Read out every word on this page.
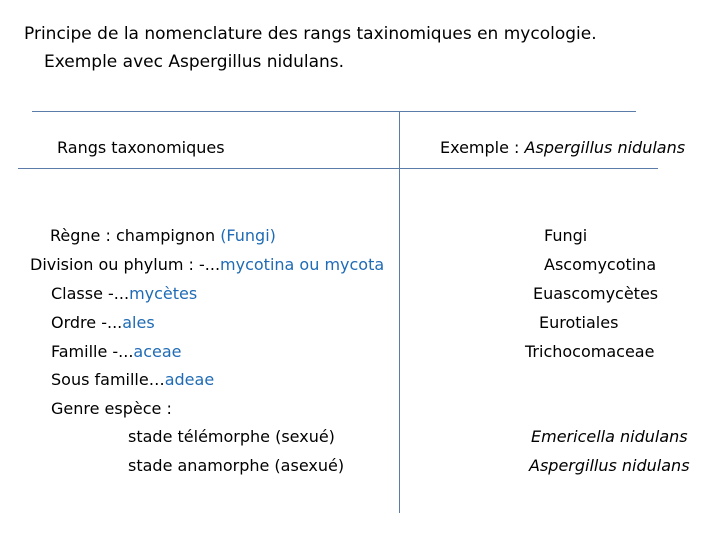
Principe de la nomenclature des rangs taxinomiques en mycologie.
Exemple avec Aspergillus nidulans.
Rangs taxonomiques	Exemple : Aspergillus nidulans
Règne : champignon (Fungi)
Division ou phylum : -...mycotina ou mycota
Classe -...mycètes
Ordre -...ales
Famille -...aceae
Sous famille…adeae
Genre espèce :
stade télémorphe (sexué)
stade anamorphe (asexué)
Fungi
Ascomycotina
Euascomycètes
Eurotiales
Trichocomaceae
Emericella nidulans
Aspergillus nidulans
